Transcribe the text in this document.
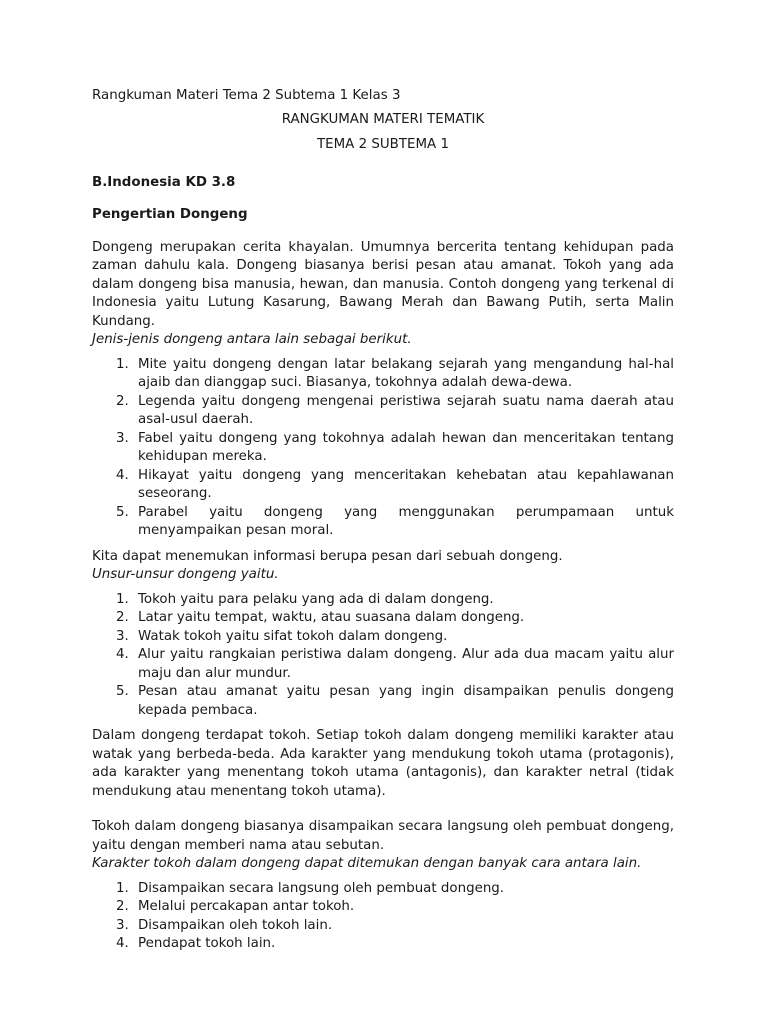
Rangkuman Materi Tema 2 Subtema 1 Kelas 3

RANGKUMAN MATERI TEMATIK

TEMA 2 SUBTEMA 1

B.Indonesia KD 3.8

Pengertian Dongeng

Dongeng merupakan cerita khayalan. Umumnya bercerita tentang kehidupan pada zaman dahulu kala. Dongeng biasanya berisi pesan atau amanat. Tokoh yang ada dalam dongeng bisa manusia, hewan, dan manusia. Contoh dongeng yang terkenal di Indonesia yaitu Lutung Kasarung, Bawang Merah dan Bawang Putih, serta Malin Kundang.

Jenis-jenis dongeng antara lain sebagai berikut.

1. Mite yaitu dongeng dengan latar belakang sejarah yang mengandung hal-hal ajaib dan dianggap suci. Biasanya, tokohnya adalah dewa-dewa.
2. Legenda yaitu dongeng mengenai peristiwa sejarah suatu nama daerah atau asal-usul daerah.
3. Fabel yaitu dongeng yang tokohnya adalah hewan dan menceritakan tentang kehidupan mereka.
4. Hikayat yaitu dongeng yang menceritakan kehebatan atau kepahlawanan seseorang.
5. Parabel yaitu dongeng yang menggunakan perumpamaan untuk menyampaikan pesan moral.

Kita dapat menemukan informasi berupa pesan dari sebuah dongeng.

Unsur-unsur dongeng yaitu.

1. Tokoh yaitu para pelaku yang ada di dalam dongeng.
2. Latar yaitu tempat, waktu, atau suasana dalam dongeng.
3. Watak tokoh yaitu sifat tokoh dalam dongeng.
4. Alur yaitu rangkaian peristiwa dalam dongeng. Alur ada dua macam yaitu alur maju dan alur mundur.
5. Pesan atau amanat yaitu pesan yang ingin disampaikan penulis dongeng kepada pembaca.

Dalam dongeng terdapat tokoh. Setiap tokoh dalam dongeng memiliki karakter atau watak yang berbeda-beda. Ada karakter yang mendukung tokoh utama (protagonis), ada karakter yang menentang tokoh utama (antagonis), dan karakter netral (tidak mendukung atau menentang tokoh utama).

Tokoh dalam dongeng biasanya disampaikan secara langsung oleh pembuat dongeng, yaitu dengan memberi nama atau sebutan.

Karakter tokoh dalam dongeng dapat ditemukan dengan banyak cara antara lain.

1. Disampaikan secara langsung oleh pembuat dongeng.
2. Melalui percakapan antar tokoh.
3. Disampaikan oleh tokoh lain.
4. Pendapat tokoh lain.
